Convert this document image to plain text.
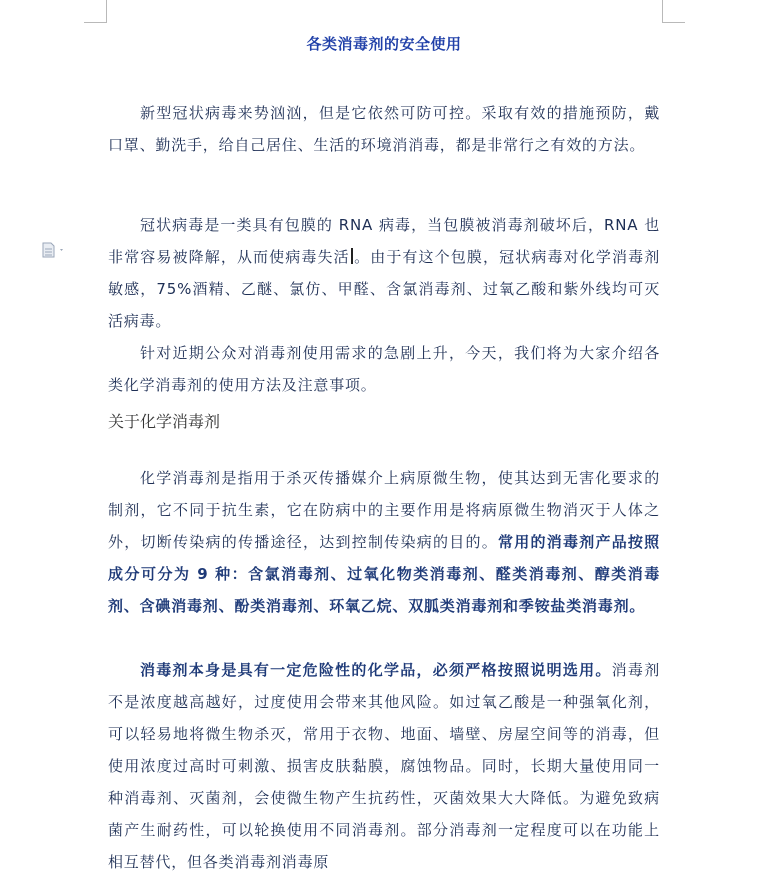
各类消毒剂的安全使用

新型冠状病毒来势汹汹，但是它依然可防可控。采取有效的措施预防，戴口罩、勤洗手，给自己居住、生活的环境消消毒，都是非常行之有效的方法。

冠状病毒是一类具有包膜的 RNA 病毒，当包膜被消毒剂破坏后，RNA 也非常容易被降解，从而使病毒失活 。由于有这个包膜，冠状病毒对化学消毒剂敏感，75%酒精、乙醚、氯仿、甲醛、含氯消毒剂、过氧乙酸和紫外线均可灭活病毒。

针对近期公众对消毒剂使用需求的急剧上升，今天，我们将为大家介绍各类化学消毒剂的使用方法及注意事项。

关于化学消毒剂

化学消毒剂是指用于杀灭传播媒介上病原微生物，使其达到无害化要求的制剂，它不同于抗生素，它在防病中的主要作用是将病原微生物消灭于人体之外，切断传染病的传播途径，达到控制传染病的目的。常用的消毒剂产品按照成分可分为 9 种：含氯消毒剂、过氧化物类消毒剂、醛类消毒剂、醇类消毒剂、含碘消毒剂、酚类消毒剂、环氧乙烷、双胍类消毒剂和季铵盐类消毒剂。

消毒剂本身是具有一定危险性的化学品，必须严格按照说明选用。消毒剂不是浓度越高越好，过度使用会带来其他风险。如过氧乙酸是一种强氧化剂，可以轻易地将微生物杀灭，常用于衣物、地面、墙壁、房屋空间等的消毒，但使用浓度过高时可刺激、损害皮肤黏膜，腐蚀物品。同时，长期大量使用同一种消毒剂、灭菌剂，会使微生物产生抗药性，灭菌效果大大降低。为避免致病菌产生耐药性，可以轮换使用不同消毒剂。部分消毒剂一定程度可以在功能上相互替代，但各类消毒剂消毒原
